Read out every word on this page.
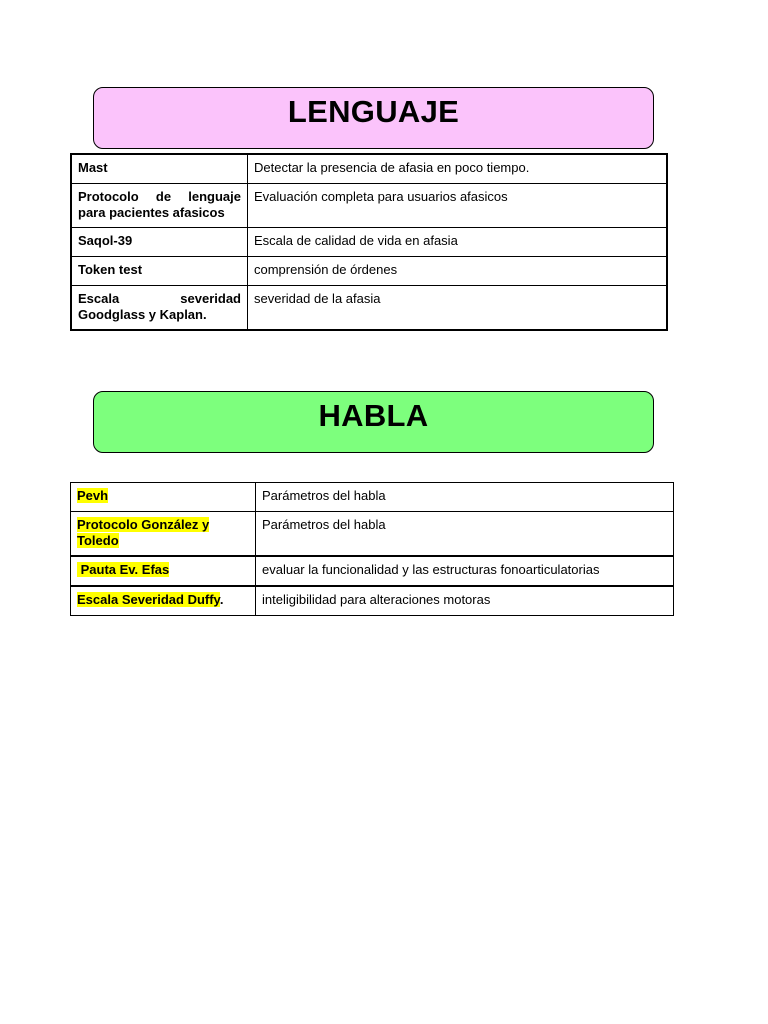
LENGUAJE
Mast	Detectar la presencia de afasia en poco tiempo.
Protocolo de lenguaje para pacientes afasicos	Evaluación completa para usuarios afasicos
Saqol-39	Escala de calidad de vida en afasia
Token test	comprensión de órdenes
Escala severidad Goodglass y Kaplan.	severidad de la afasia
HABLA
Pevh	Parámetros del habla
Protocolo González y Toledo	Parámetros del habla
Pauta Ev. Efas	evaluar la funcionalidad y las estructuras fonoarticulatorias
Escala Severidad Duffy.	inteligibilidad para alteraciones motoras
